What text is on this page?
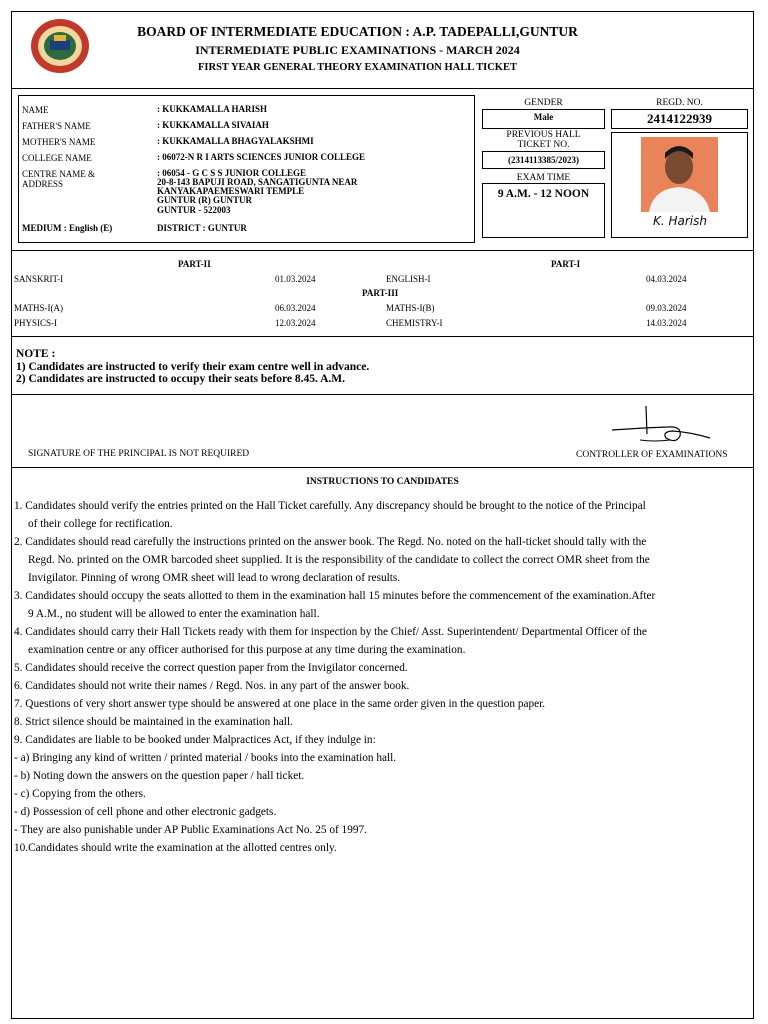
BOARD OF INTERMEDIATE EDUCATION : A.P. TADEPALLI,GUNTUR
INTERMEDIATE PUBLIC EXAMINATIONS - MARCH 2024
FIRST YEAR GENERAL THEORY EXAMINATION HALL TICKET
NAME	: KUKKAMALLA HARISH
FATHER'S NAME	: KUKKAMALLA SIVAIAH
MOTHER'S NAME	: KUKKAMALLA BHAGYALAKSHMI
COLLEGE NAME	: 06072-N R I ARTS SCIENCES JUNIOR COLLEGE
CENTRE NAME &
ADDRESS
: 06054 - G C S S JUNIOR COLLEGE
20-8-143 BAPUJI ROAD, SANGATIGUNTA NEAR
KANYAKAPAEMESWARI TEMPLE
GUNTUR (R) GUNTUR
GUNTUR - 522003
MEDIUM : English (E)	DISTRICT : GUNTUR
GENDER	REGD. NO.
Male	2414122939
PREVIOUS HALL
TICKET NO.
(2314113385/2023)
EXAM TIME
9 A.M. - 12 NOON
K. Harish
PART-II	PART-I
SANSKRIT-I	01.03.2024	ENGLISH-I	04.03.2024
PART-III
MATHS-I(A)	06.03.2024	MATHS-I(B)	09.03.2024
PHYSICS-I	12.03.2024	CHEMISTRY-I	14.03.2024
NOTE :
1) Candidates are instructed to verify their exam centre well in advance.
2) Candidates are instructed to occupy their seats before 8.45. A.M.
SIGNATURE OF THE PRINCIPAL IS NOT REQUIRED	CONTROLLER OF EXAMINATIONS
INSTRUCTIONS TO CANDIDATES

1. Candidates should verify the entries printed on the Hall Ticket carefully. Any discrepancy should be brought to the notice of the Principal

of their college for rectification.

2. Candidates should read carefully the instructions printed on the answer book. The Regd. No. noted on the hall-ticket should tally with the

Regd. No. printed on the OMR barcoded sheet supplied. It is the responsibility of the candidate to collect the correct OMR sheet from the

Invigilator. Pinning of wrong OMR sheet will lead to wrong declaration of results.

3. Candidates should occupy the seats allotted to them in the examination hall 15 minutes before the commencement of the examination.After

9 A.M., no student will be allowed to enter the examination hall.

4. Candidates should carry their Hall Tickets ready with them for inspection by the Chief/ Asst. Superintendent/ Departmental Officer of the

examination centre or any officer authorised for this purpose at any time during the examination.

5. Candidates should receive the correct question paper from the Invigilator concerned.

6. Candidates should not write their names / Regd. Nos. in any part of the answer book.

7. Questions of very short answer type should be answered at one place in the same order given in the question paper.

8. Strict silence should be maintained in the examination hall.

9. Candidates are liable to be booked under Malpractices Act, if they indulge in:

- a) Bringing any kind of written / printed material / books into the examination hall.

- b) Noting down the answers on the question paper / hall ticket.

- c) Copying from the others.

- d) Possession of cell phone and other electronic gadgets.

- They are also punishable under AP Public Examinations Act No. 25 of 1997.

10.Candidates should write the examination at the allotted centres only.
